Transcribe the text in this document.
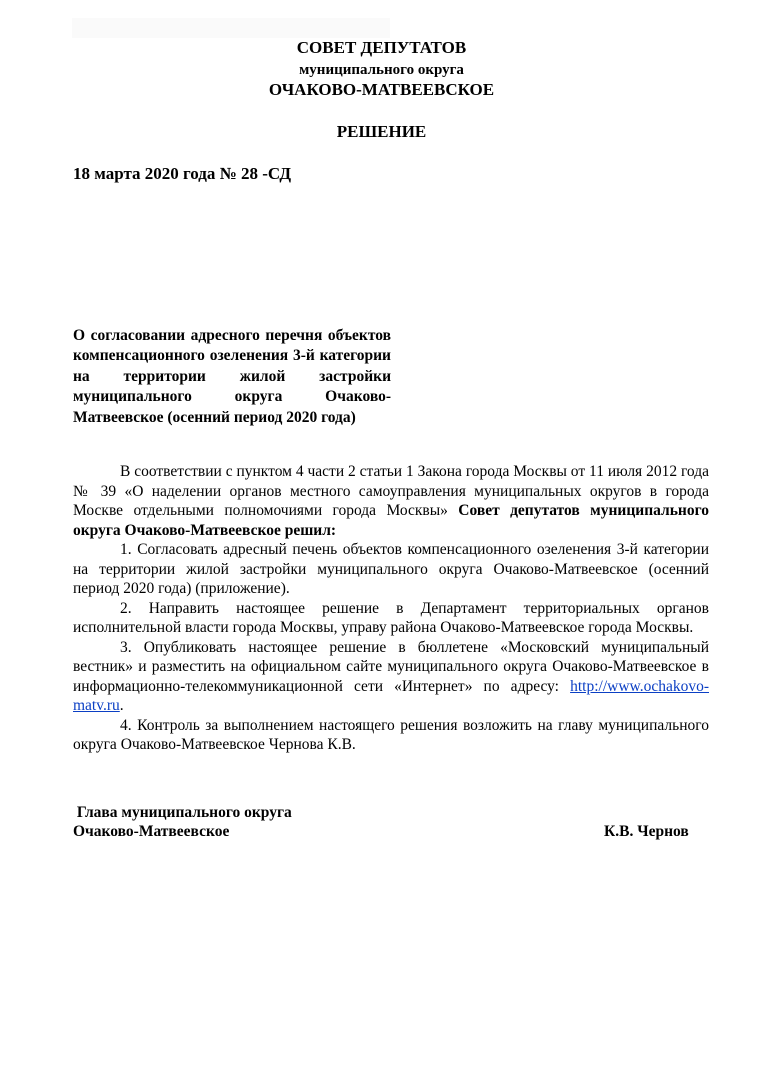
СОВЕТ ДЕПУТАТОВ
муниципального округа
ОЧАКОВО-МАТВЕЕВСКОЕ
РЕШЕНИЕ
18 марта 2020 года № 28 -СД
О согласовании адресного перечня объектов компенсационного озеленения 3-й категории на территории жилой застройки муниципального округа Очаково-Матвеевское (осенний период 2020 года)

В соответствии с пунктом 4 части 2 статьи 1 Закона города Москвы от 11 июля 2012 года № 39 «О наделении органов местного самоуправления муниципальных округов в города Москве отдельными полномочиями города Москвы» Совет депутатов муниципального округа Очаково-Матвеевское решил:

1. Согласовать адресный печень объектов компенсационного озеленения 3-й категории на территории жилой застройки муниципального округа Очаково-Матвеевское (осенний период 2020 года) (приложение).

2. Направить настоящее решение в Департамент территориальных органов исполнительной власти города Москвы, управу района Очаково-Матвеевское города Москвы.

3. Опубликовать настоящее решение в бюллетене «Московский муниципальный вестник» и разместить на официальном сайте муниципального округа Очаково-Матвеевское в информационно-телекоммуникационной сети «Интернет» по адресу: http://www.ochakovo-matv.ru.

4. Контроль за выполнением настоящего решения возложить на главу муниципального округа Очаково-Матвеевское Чернова К.В.

Глава муниципального округа
Очаково-Матвеевское	К.В. Чернов
